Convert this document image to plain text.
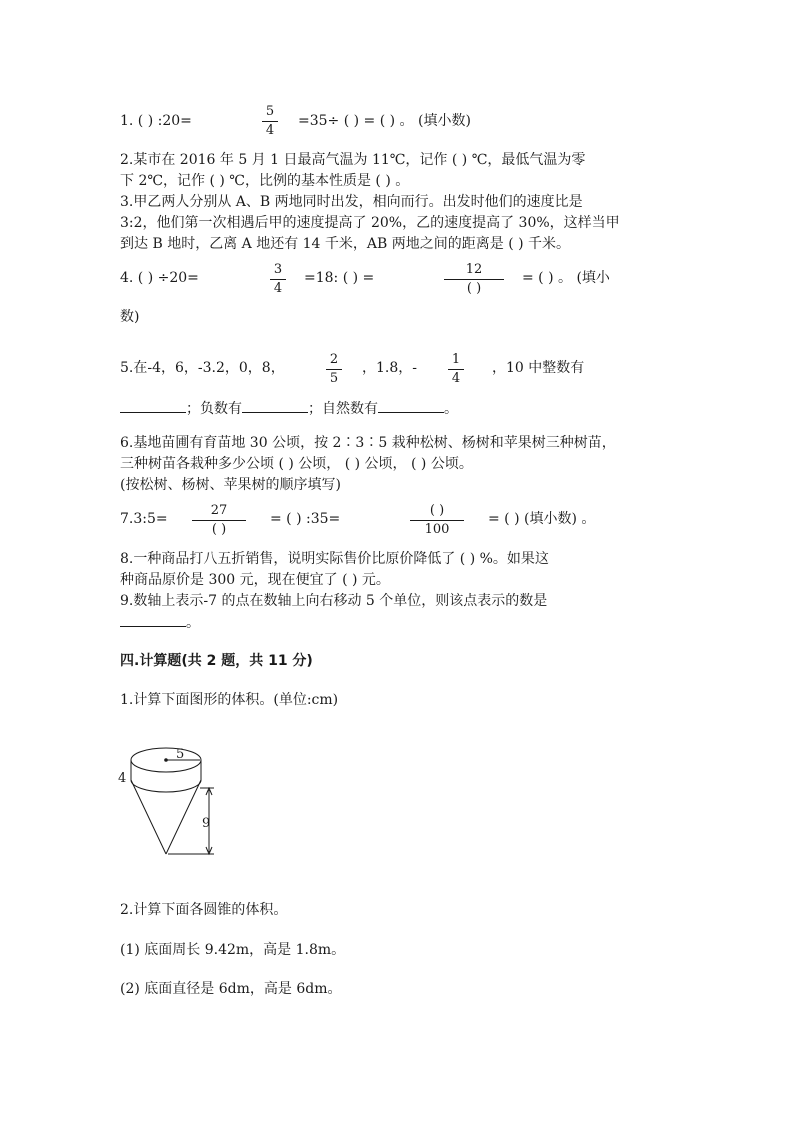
1. ( ) :20=
5
4
=35÷ ( ) = ( ) 。 (填小数)
2.某市在 2016 年 5 月 1 日最高气温为 11℃，记作 ( ) ℃，最低气温为零
下 2℃，记作 ( ) ℃，比例的基本性质是 ( ) 。
3.甲乙两人分别从 A、B 两地同时出发，相向而行。出发时他们的速度比是
3:2，他们第一次相遇后甲的速度提高了 20%，乙的速度提高了 30%，这样当甲
到达 B 地时，乙离 A 地还有 14 千米，AB 两地之间的距离是 ( ) 千米。
4. ( ) ÷20=
3
4
=18: ( ) =
12
( )
= ( ) 。 (填小
数)
5.在-4，6，-3.2，0，8，
2
5
，1.8，-
1
4
，10 中整数有
；负数有	；自然数有	。
6.基地苗圃有育苗地 30 公顷，按 2∶3∶5 栽种松树、杨树和苹果树三种树苗，
三种树苗各栽种多少公顷 ( ) 公顷， ( ) 公顷， ( ) 公顷。
(按松树、杨树、苹果树的顺序填写)
7.3:5=
27
( )
= ( ) :35=
( )
100
= ( ) (填小数) 。
8.一种商品打八五折销售，说明实际售价比原价降低了 ( ) %。如果这
种商品原价是 300 元，现在便宜了 ( ) 元。
9.数轴上表示-7 的点在数轴上向右移动 5 个单位，则该点表示的数是
。
四.计算题(共 2 题，共 11 分)
1.计算下面图形的体积。(单位:cm)
5
4
9
2.计算下面各圆锥的体积。
(1) 底面周长 9.42m，高是 1.8m。
(2) 底面直径是 6dm，高是 6dm。
